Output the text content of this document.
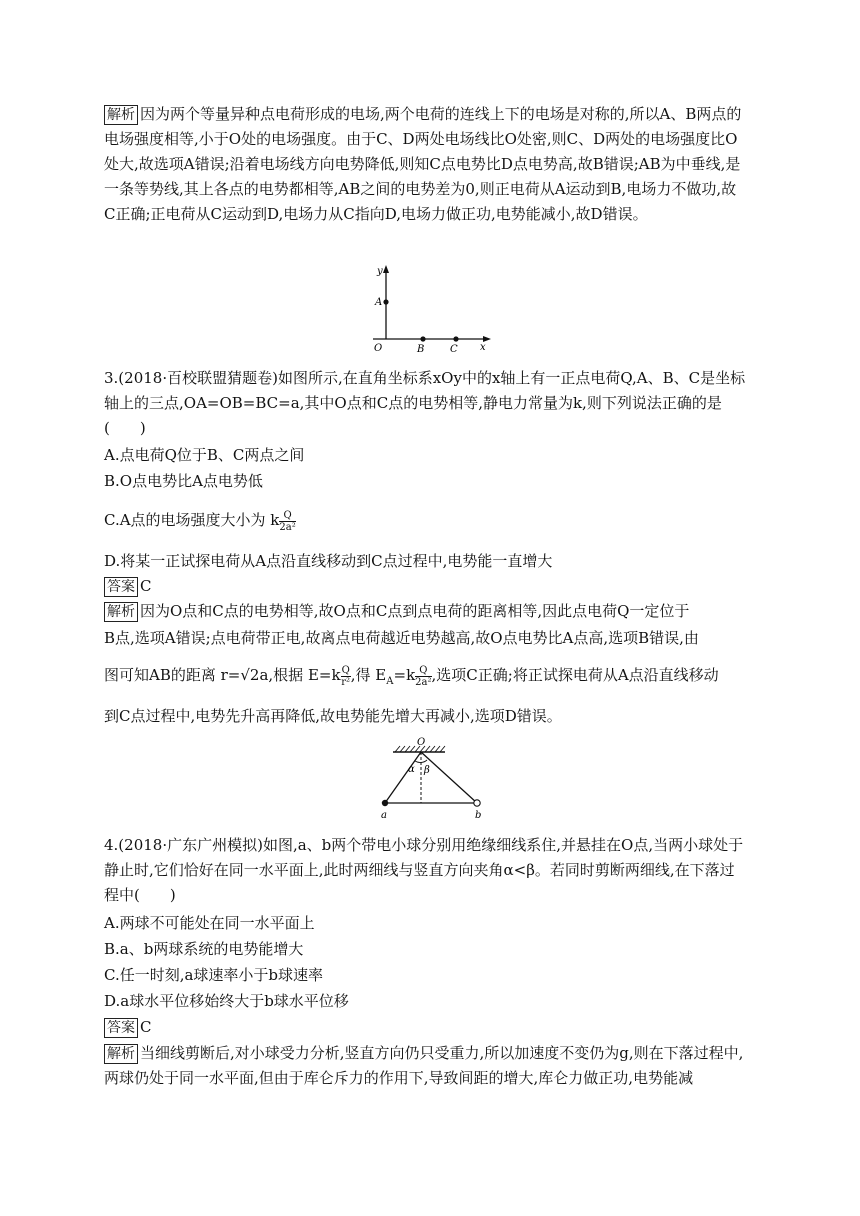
解析 因为两个等量异种点电荷形成的电场,两个电荷的连线上下的电场是对称的,所以A、B两点的电场强度相等,小于O处的电场强度。由于C、D两处电场线比O处密,则C、D两处的电场强度比O处大,故选项A错误;沿着电场线方向电势降低,则知C点电势比D点电势高,故B错误;AB为中垂线,是一条等势线,其上各点的电势都相等,AB之间的电势差为0,则正电荷从A运动到B,电场力不做功,故C正确;正电荷从C运动到D,电场力从C指向D,电场力做正功,电势能减小,故D错误。
y
A
O	B	C x
3.(2018·百校联盟猜题卷)如图所示,在直角坐标系xOy中的x轴上有一正点电荷Q,A、B、C是坐标轴上的三点,OA=OB=BC=a,其中O点和C点的电势相等,静电力常量为k,则下列说法正确的是(　　)
A.点电荷Q位于B、C两点之间
B.O点电势比A点电势低
C.A点的电场强度大小为 k $\frac{Q}{\text{2a²}}$
D.将某一正试探电荷从A点沿直线移动到C点过程中,电势能一直增大
答案 C
解析 因为O点和C点的电势相等,故O点和C点到点电荷的距离相等,因此点电荷Q一定位于
B点,选项A错误;点电荷带正电,故离点电荷越近电势越高,故O点电势比A点高,选项B错误,由
图可知AB的距离 r=√2a,根据 $E=k \frac{Q}{\text{r²}}$ ,得 $E_A=k \frac{Q}{\text{2a²}}$ ,选项C正确;将正试探电荷从A点沿直线移动
到C点过程中,电势先升高再降低,故电势能先增大再减小,选项D错误。
O
α β
a	b
4.(2018·广东广州模拟)如图,a、b两个带电小球分别用绝缘细线系住,并悬挂在O点,当两小球处于静止时,它们恰好在同一水平面上,此时两细线与竖直方向夹角α<β。若同时剪断两细线,在下落过程中(　　)
A.两球不可能处在同一水平面上
B.a、b两球系统的电势能增大
C.任一时刻,a球速率小于b球速率
D.a球水平位移始终大于b球水平位移
答案 C
解析 当细线剪断后,对小球受力分析,竖直方向仍只受重力,所以加速度不变仍为g,则在下落过程中,两球仍处于同一水平面,但由于库仑斥力的作用下,导致间距的增大,库仑力做正功,电势能减
